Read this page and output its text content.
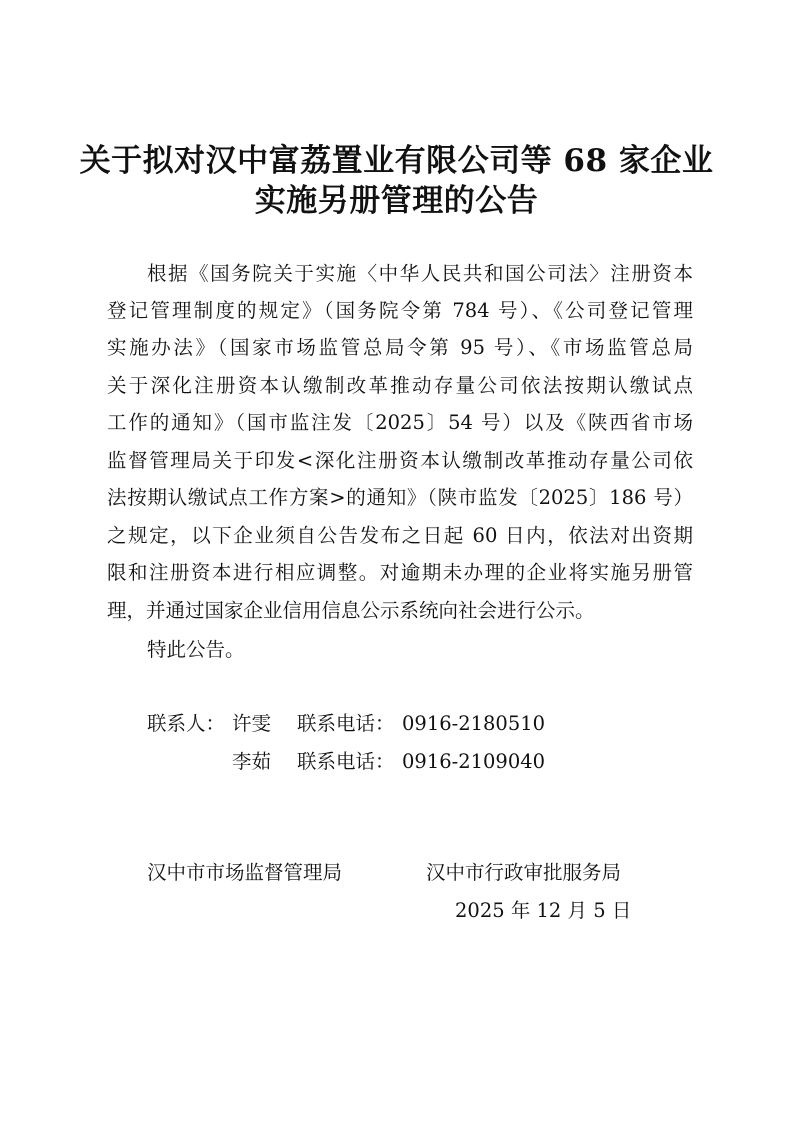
关于拟对汉中富荔置业有限公司等 68 家企业
实施另册管理的公告

根据《国务院关于实施〈中华人民共和国公司法〉注册资本

登记管理制度的规定》（国务院令第 784 号）、《公司登记管理

实施办法》（国家市场监管总局令第 95 号）、《市场监管总局

关于深化注册资本认缴制改革推动存量公司依法按期认缴试点

工作的通知》（国市监注发〔2025〕54 号）以及《陕西省市场

监督管理局关于印发<深化注册资本认缴制改革推动存量公司依

法按期认缴试点工作方案>的通知》（陕市监发〔2025〕186 号）

之规定，以下企业须自公告发布之日起 60 日内，依法对出资期

限和注册资本进行相应调整。对逾期未办理的企业将实施另册管

理，并通过国家企业信用信息公示系统向社会进行公示。

特此公告。

联系人： 许雯 联系电话： 0916-2180510
李茹 联系电话： 0916-2109040
汉中市市场监督管理局	汉中市行政审批服务局
2025 年 12 月 5 日
